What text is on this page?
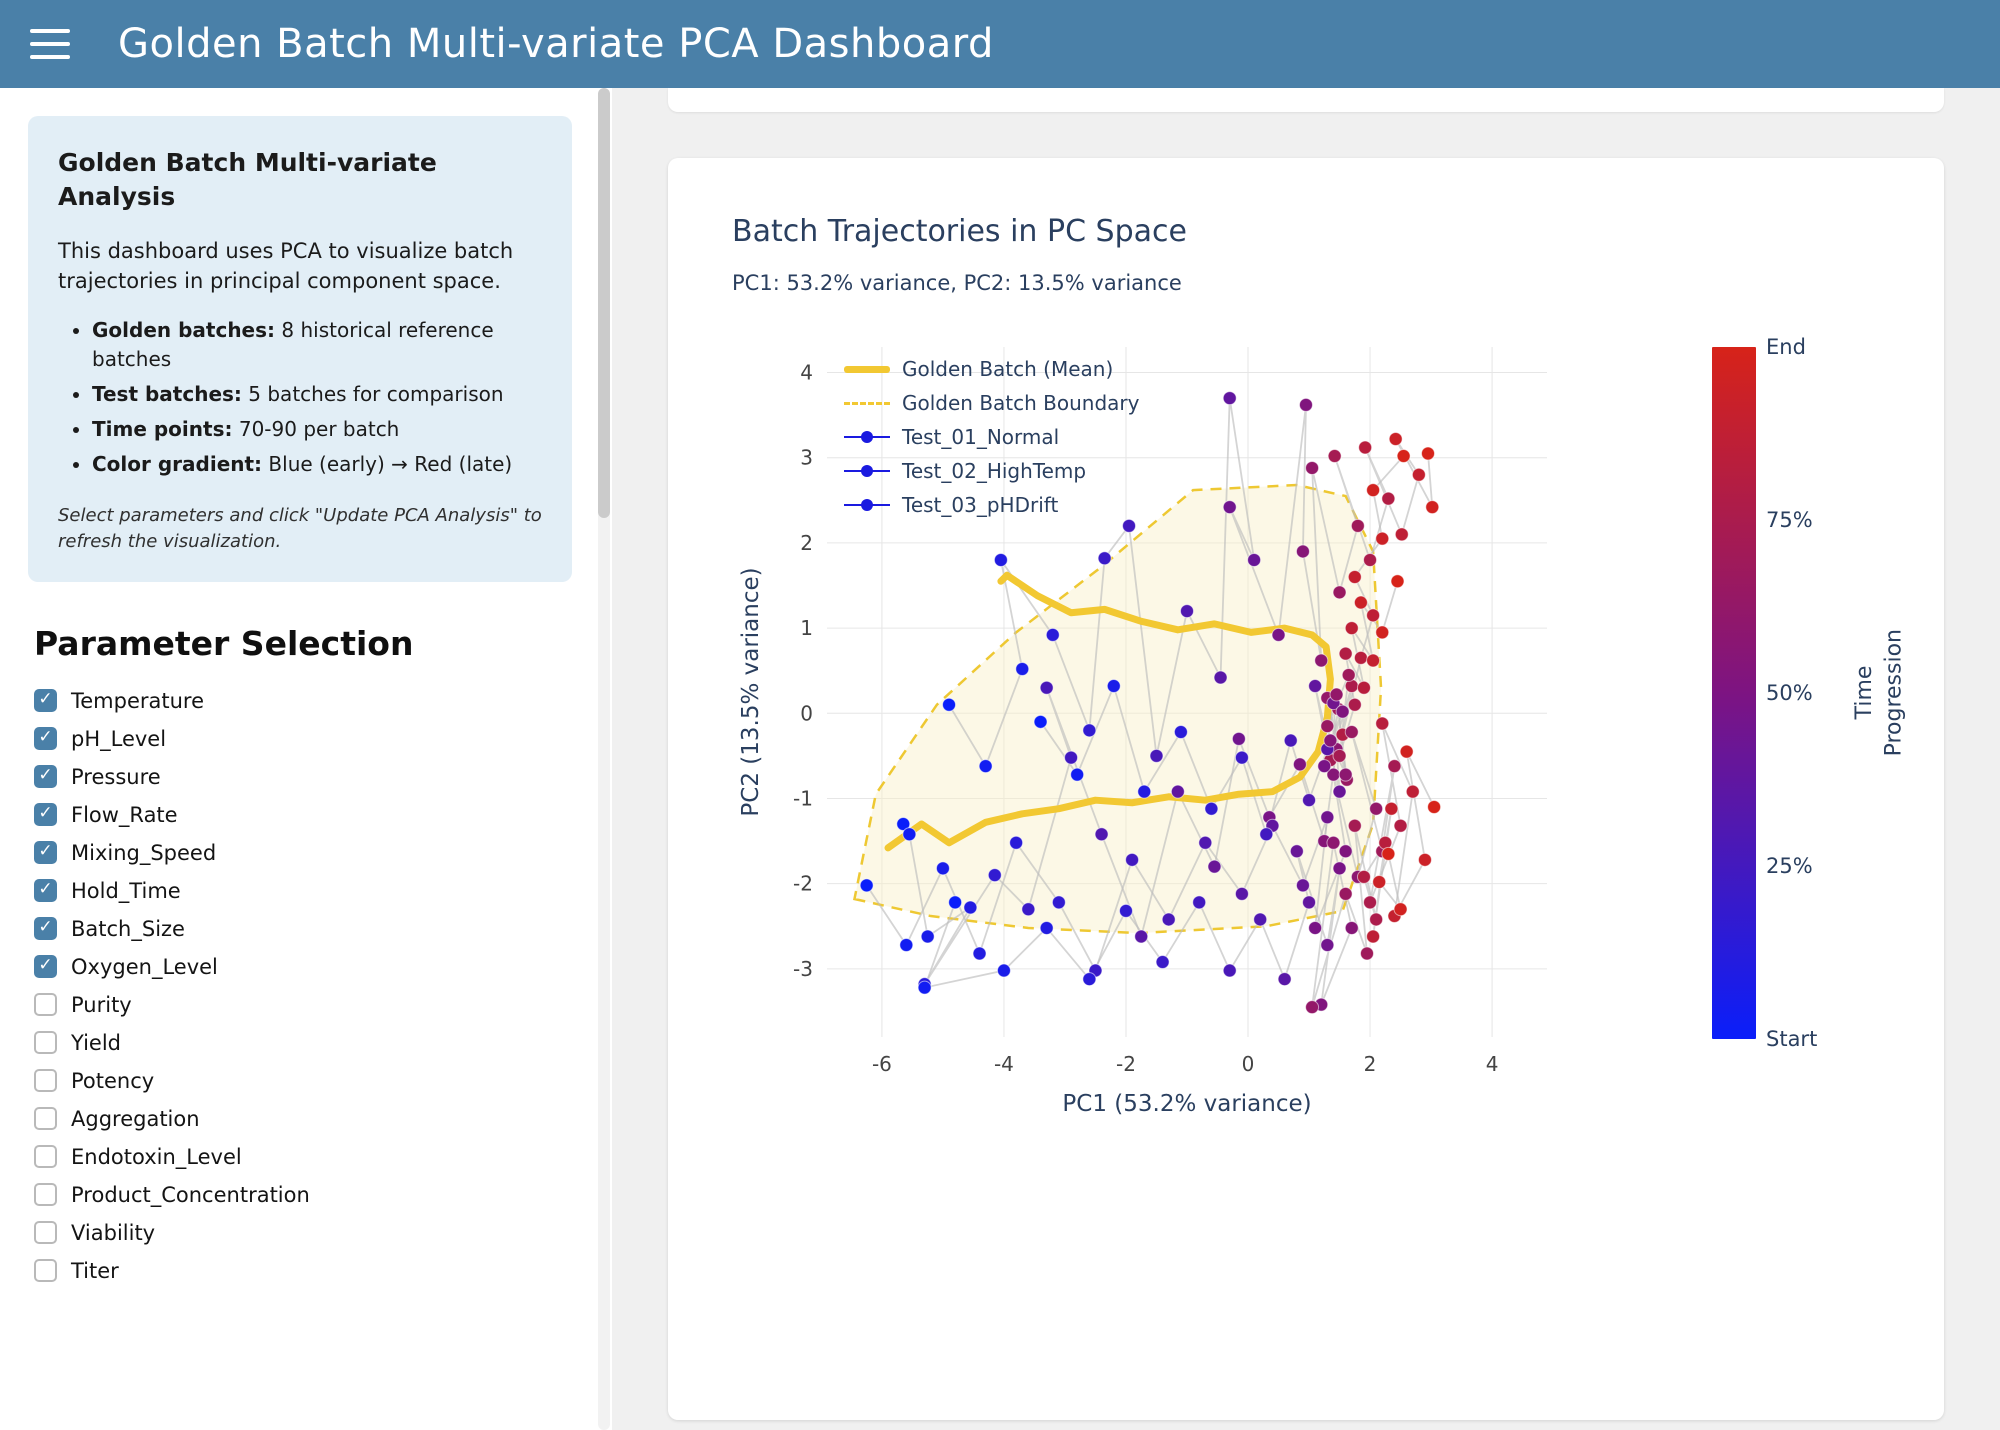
Golden Batch Multi-variate PCA Dashboard
Golden Batch Multi-variate Analysis

This dashboard uses PCA to visualize batch trajectories in principal component space.

• Golden batches: 8 historical reference batches
• Test batches: 5 batches for comparison
• Time points: 70-90 per batch
• Color gradient: Blue (early) → Red (late)

Select parameters and click "Update PCA Analysis" to refresh the visualization.

Parameter Selection
✓
Temperature
✓
pH_Level
✓
Pressure
✓
Flow_Rate
✓
Mixing_Speed
✓
Hold_Time
✓
Batch_Size
✓
Oxygen_Level
Purity
Yield
Potency
Aggregation
Endotoxin_Level
Product_Concentration
Viability
Titer
Batch Trajectories in PC Space
PC1: 53.2% variance, PC2: 13.5% variance
-6	-4	-2	0	2	4
-3
-2
-1
0
1
2
3
4
PC1 (53.2% variance)
PC2 (13.5% variance)
Golden Batch (Mean)
Golden Batch Boundary
Test_01_Normal
Test_02_HighTemp
Test_03_pHDrift
Start
25%
50%
75%
End
Time Progression
